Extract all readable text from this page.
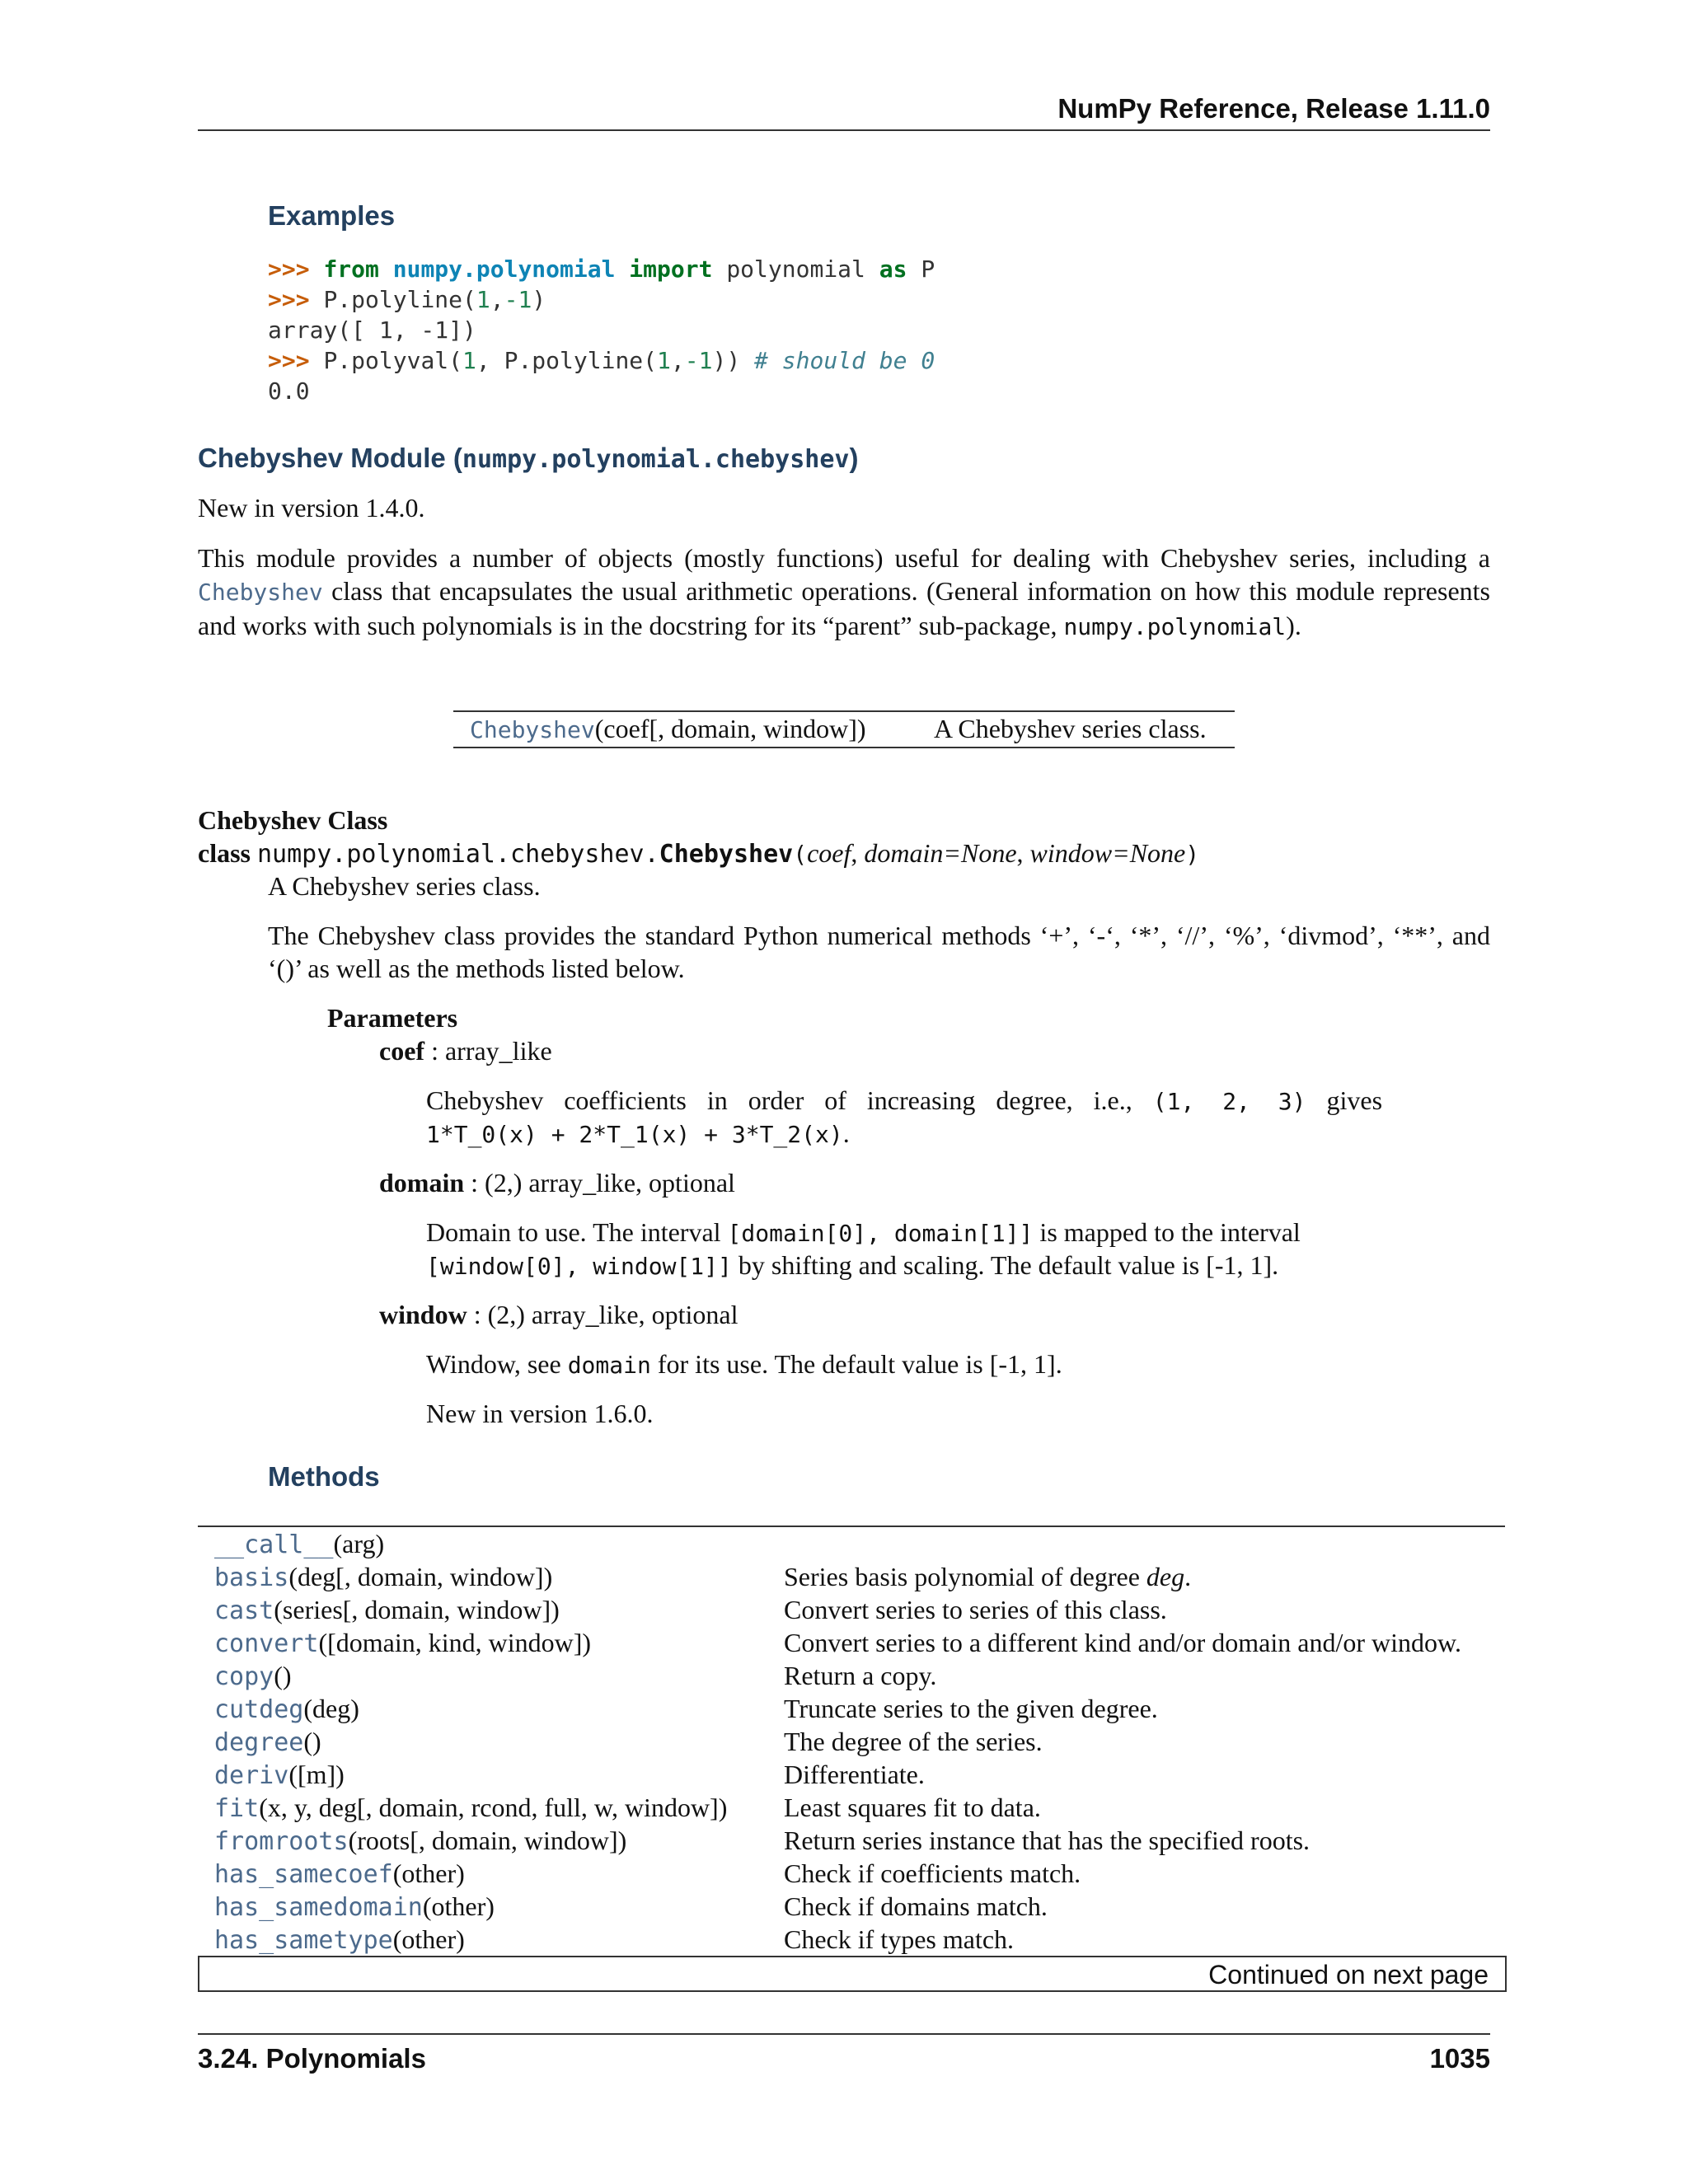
NumPy Reference, Release 1.11.0
Examples
>>> from numpy.polynomial import polynomial as P
>>> P.polyline(1,-1)
array([ 1, -1])
>>> P.polyval(1, P.polyline(1,-1)) # should be 0
0.0
Chebyshev Module (numpy.polynomial.chebyshev)
New in version 1.4.0.
This module provides a number of objects (mostly functions) useful for dealing with Chebyshev series, including a Chebyshev class that encapsulates the usual arithmetic operations. (General information on how this module represents and works with such polynomials is in the docstring for its “parent” sub-package, numpy.polynomial).
Chebyshev(coef[, domain, window])	A Chebyshev series class.
Chebyshev Class
class numpy.polynomial.chebyshev.Chebyshev(coef, domain=None, window=None)
A Chebyshev series class.
The Chebyshev class provides the standard Python numerical methods ‘+’, ‘-‘, ‘*’, ‘//’, ‘%’, ‘divmod’, ‘**’, and ‘()’ as well as the methods listed below.
Parameters
coef : array_like
Chebyshev coefficients in order of increasing degree, i.e., (1, 2, 3) gives
1*T_0(x) + 2*T_1(x) + 3*T_2(x).
domain : (2,) array_like, optional
Domain to use. The interval [domain[0], domain[1]] is mapped to the interval
[window[0], window[1]] by shifting and scaling. The default value is [-1, 1].
window : (2,) array_like, optional
Window, see domain for its use. The default value is [-1, 1].
New in version 1.6.0.
Methods
__call__(arg)
basis(deg[, domain, window])	Series basis polynomial of degree deg.
cast(series[, domain, window])	Convert series to series of this class.
convert([domain, kind, window])	Convert series to a different kind and/or domain and/or window.
copy()	Return a copy.
cutdeg(deg)	Truncate series to the given degree.
degree()	The degree of the series.
deriv([m])	Differentiate.
fit(x, y, deg[, domain, rcond, full, w, window]) Least squares fit to data.
fromroots(roots[, domain, window])	Return series instance that has the specified roots.
has_samecoef(other)	Check if coefficients match.
has_samedomain(other)	Check if domains match.
has_sametype(other)	Check if types match.
Continued on next page
3.24. Polynomials	1035
